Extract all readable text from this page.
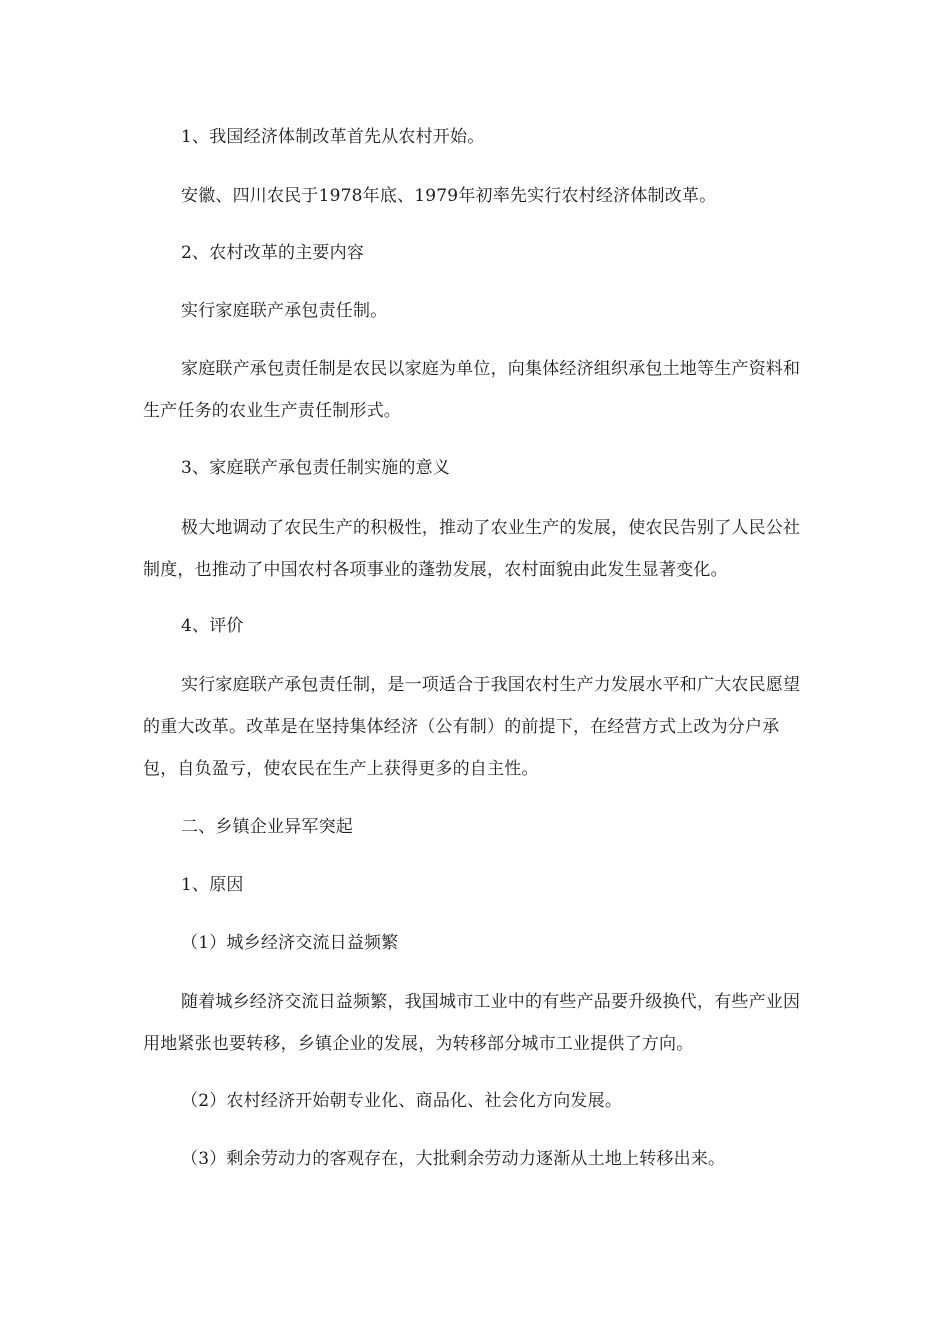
1、我国经济体制改革首先从农村开始。
安徽、四川农民于1978年底、1979年初率先实行农村经济体制改革。
2、农村改革的主要内容
实行家庭联产承包责任制。
家庭联产承包责任制是农民以家庭为单位，向集体经济组织承包土地等生产资料和生产任务的农业生产责任制形式。
3、家庭联产承包责任制实施的意义
极大地调动了农民生产的积极性，推动了农业生产的发展，使农民告别了人民公社制度，也推动了中国农村各项事业的蓬勃发展，农村面貌由此发生显著变化。
4、评价
实行家庭联产承包责任制，是一项适合于我国农村生产力发展水平和广大农民愿望的重大改革。改革是在坚持集体经济（公有制）的前提下，在经营方式上改为分户承包，自负盈亏，使农民在生产上获得更多的自主性。
二、乡镇企业异军突起
1、原因
（1）城乡经济交流日益频繁
随着城乡经济交流日益频繁，我国城市工业中的有些产品要升级换代，有些产业因用地紧张也要转移，乡镇企业的发展，为转移部分城市工业提供了方向。
（2）农村经济开始朝专业化、商品化、社会化方向发展。
（3）剩余劳动力的客观存在，大批剩余劳动力逐渐从土地上转移出来。
